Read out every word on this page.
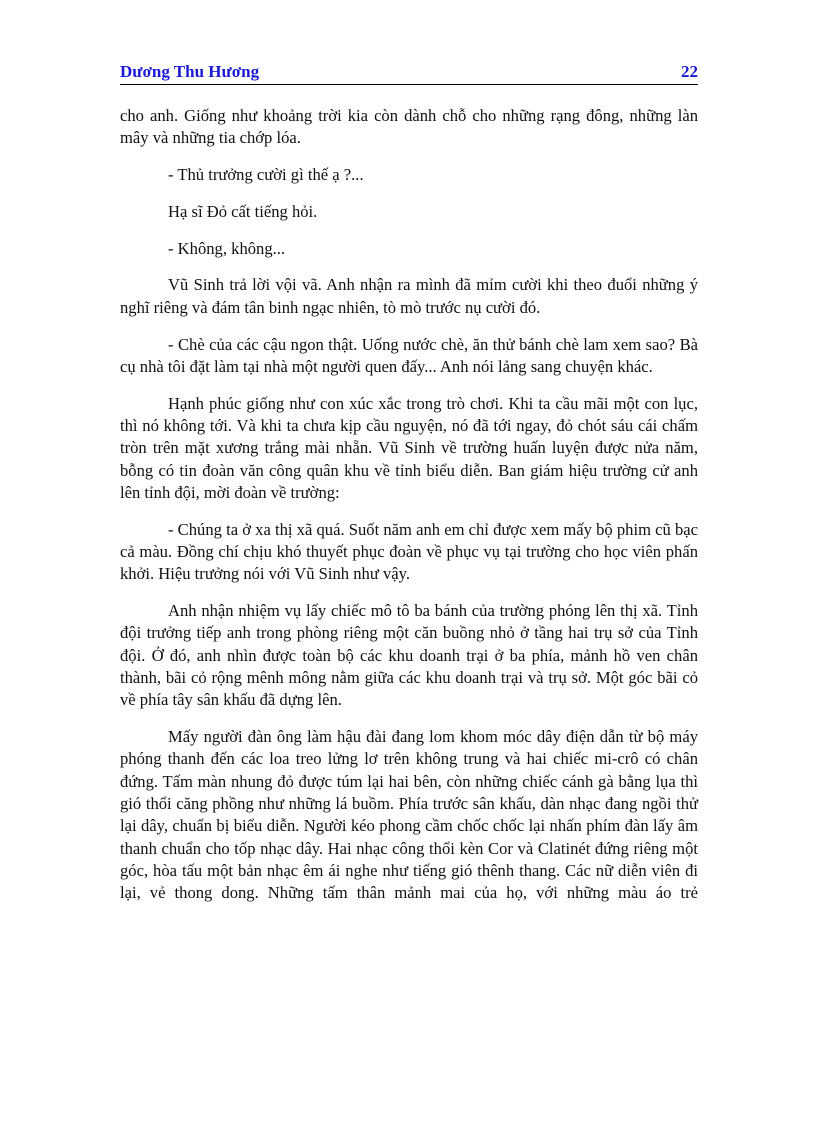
Dương Thu Hương	22

cho anh. Giống như khoảng trời kia còn dành chỗ cho những rạng đông, những làn mây và những tia chớp lóa.

- Thủ trưởng cười gì thế ạ ?...

Hạ sĩ Đỏ cất tiếng hỏi.

- Không, không...

Vũ Sinh trả lời vội vã. Anh nhận ra mình đã mỉm cười khi theo đuổi những ý nghĩ riêng và đám tân binh ngạc nhiên, tò mò trước nụ cười đó.

- Chè của các cậu ngon thật. Uống nước chè, ăn thử bánh chè lam xem sao? Bà cụ nhà tôi đặt làm tại nhà một người quen đấy... Anh nói lảng sang chuyện khác.

Hạnh phúc giống như con xúc xắc trong trò chơi. Khi ta cầu mãi một con lục, thì nó không tới. Và khi ta chưa kịp cầu nguyện, nó đã tới ngay, đỏ chót sáu cái chấm tròn trên mặt xương trắng mài nhẵn. Vũ Sinh về trường huấn luyện được nửa năm, bỗng có tin đoàn văn công quân khu về tỉnh biểu diễn. Ban giám hiệu trường cử anh lên tỉnh đội, mời đoàn về trường:

- Chúng ta ở xa thị xã quá. Suốt năm anh em chỉ được xem mấy bộ phim cũ bạc cả màu. Đồng chí chịu khó thuyết phục đoàn về phục vụ tại trường cho học viên phấn khởi. Hiệu trưởng nói với Vũ Sinh như vậy.

Anh nhận nhiệm vụ lấy chiếc mô tô ba bánh của trường phóng lên thị xã. Tỉnh đội trưởng tiếp anh trong phòng riêng một căn buồng nhỏ ở tầng hai trụ sở của Tỉnh đội. Ở đó, anh nhìn được toàn bộ các khu doanh trại ở ba phía, mảnh hồ ven chân thành, bãi cỏ rộng mênh mông nằm giữa các khu doanh trại và trụ sở. Một góc bãi cỏ về phía tây sân khấu đã dựng lên.

Mấy người đàn ông làm hậu đài đang lom khom móc dây điện dẫn từ bộ máy phóng thanh đến các loa treo lửng lơ trên không trung và hai chiếc mi-crô có chân đứng. Tấm màn nhung đỏ được túm lại hai bên, còn những chiếc cánh gà bằng lụa thì gió thổi căng phồng như những lá buồm. Phía trước sân khấu, dàn nhạc đang ngồi thử lại dây, chuẩn bị biểu diễn. Người kéo phong cầm chốc chốc lại nhấn phím đàn lấy âm thanh chuẩn cho tốp nhạc dây. Hai nhạc công thổi kèn Cor và Clatinét đứng riêng một góc, hòa tấu một bản nhạc êm ái nghe như tiếng gió thênh thang. Các nữ diễn viên đi lại, vẻ thong dong. Những tấm thân mảnh mai của họ, với những màu áo trẻ
